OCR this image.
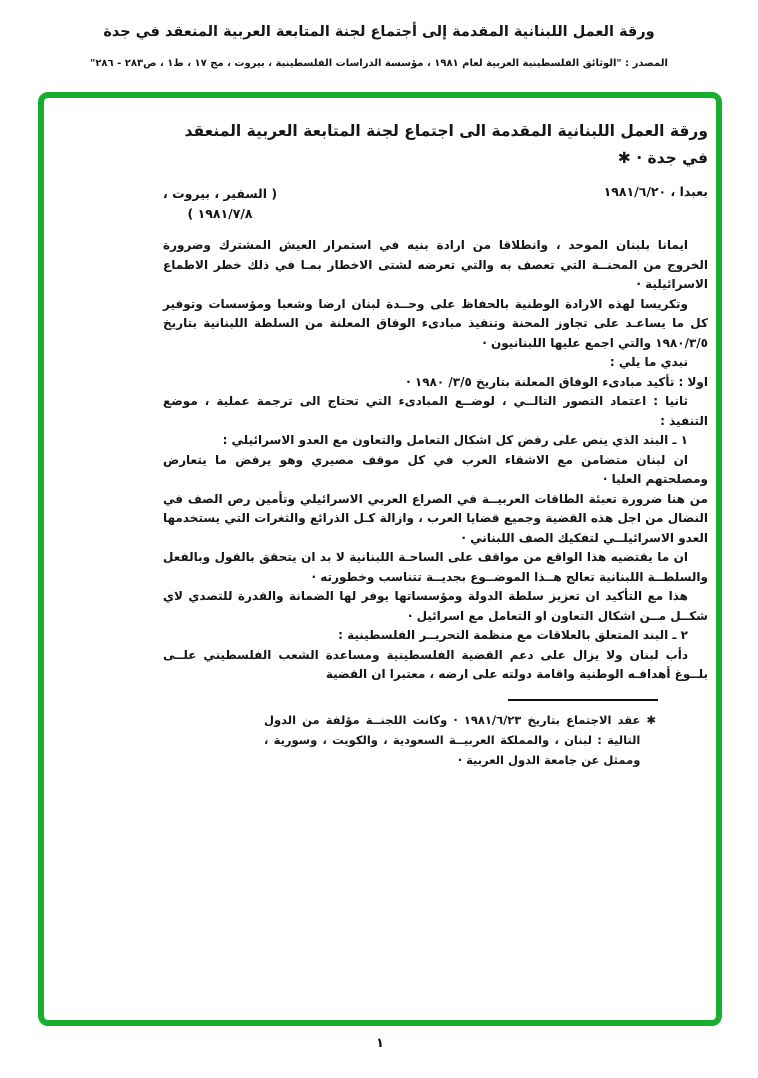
ورقة العمل اللبنانية المقدمة إلى أجتماع لجنة المتابعة العربية المنعقد في جدة
المصدر : "الوثائق الفلسطينية العربية لعام ١٩٨١ ، مؤسسة الدراسات الفلسطينية ، بيروت ، مج ١٧ ، ط١ ، ص٢٨٣ - ٢٨٦"
ورقة العمل اللبنانية المقدمة الى اجتماع لجنة المتابعة العربية المنعقد في جدة · ✱
بعبدا ، ١٩٨١/٦/٢٠
( السفير ، بيروت ،
١٩٨١/٧/٨ )

ايمانا بلبنان الموحد ، وانطلاقا من ارادة بنيه في استمرار العيش المشترك وضرورة الخروج من المحنــة التي تعصف به والتي تعرضه لشتى الاخطار بمـا في ذلك خطر الاطماع الاسرائيلية ·

وتكريسا لهذه الارادة الوطنية بالحفاظ على وحــدة لبنان ارضا وشعبا ومؤسسات وتوفير كل ما يساعـد على تجاوز المحنة وتنفيذ مبادىء الوفاق المعلنة من السلطة اللبنانية بتاريخ ١٩٨٠/٣/٥ والتي اجمع عليها اللبنانيون ·

نبدي ما يلي :

اولا : تأكيد مبادىء الوفاق المعلنة بتاريخ ٣/٥/ ١٩٨٠ ·

ثانيا : اعتماد التصور التالــي ، لوضــع المبادىء التي تحتاج الى ترجمة عملية ، موضع التنفيذ :

١ ـ البند الذي ينص على رفض كل اشكال التعامل والتعاون مع العدو الاسرائيلي :

ان لبنان متضامن مع الاشقاء العرب في كل موقف مصيري وهو يرفض ما يتعارض ومصلحتهم العليا ·

من هنا ضرورة تعبئة الطاقات العربيــة في الصراع العربي الاسرائيلي وتأمين رص الصف في النضال من اجل هذه القضية وجميع قضايا العرب ، وازالة كـل الذرائع والثغرات التي يستخدمها العدو الاسرائيلــي لتفكيك الصف اللبناني ·

ان ما يقتضيه هذا الواقع من مواقف على الساحـة اللبنانية لا بد ان يتحقق بالقول وبالفعل والسلطــة اللبنانية تعالج هــذا الموضــوع بجديــة تتناسب وخطورته ·

هذا مع التأكيد ان تعزيز سلطة الدولة ومؤسساتها يوفر لها الضمانة والقدرة للتصدي لاي شكــل مــن اشكال التعاون او التعامل مع اسرائيل ·

٢ ـ البند المتعلق بالعلاقات مع منظمة التحريــر الفلسطينية :

دأب لبنان ولا يزال على دعم القضية الفلسطينية ومساعدة الشعب الفلسطيني علــى بلــوغ أهدافـه الوطنية واقامة دولته على ارضه ، معتبرا ان القضية

✱
عقد الاجتماع بتاريخ ١٩٨١/٦/٢٣ · وكانت اللجنــة مؤلفة من الدول التالية : لبنان ، والمملكة العربيــة السعودية ، والكويت ، وسورية ، وممثل عن جامعة الدول العربية ·
١
